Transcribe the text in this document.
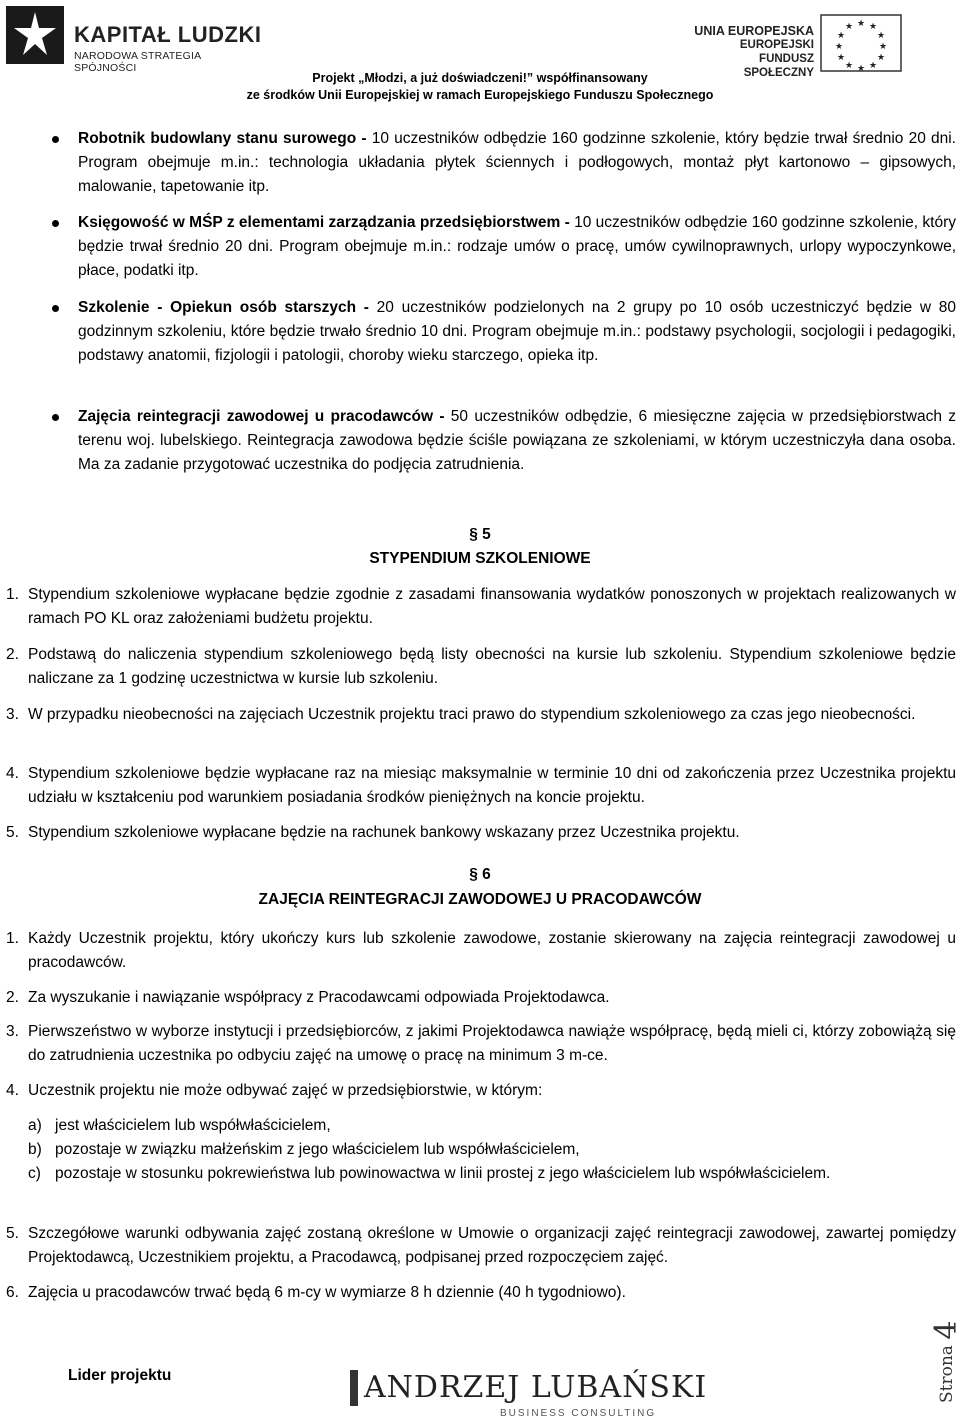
KAPITAŁ LUDZKI
NARODOWA STRATEGIA SPÓJNOŚCI
UNIA EUROPEJSKA
EUROPEJSKI
FUNDUSZ SPOŁECZNY
★ ★
★
★
★
★
★
★
★
★
★
★
Projekt „Młodzi, a już doświadczeni!” współfinansowany
ze środków Unii Europejskiej w ramach Europejskiego Funduszu Społecznego
Robotnik budowlany stanu surowego - 10 uczestników odbędzie 160 godzinne szkolenie, który będzie trwał średnio 20 dni. Program obejmuje m.in.: technologia układania płytek ściennych i podłogowych, montaż płyt kartonowo – gipsowych, malowanie, tapetowanie itp.
Księgowość w MŚP z elementami zarządzania przedsiębiorstwem - 10 uczestników odbędzie 160 godzinne szkolenie, który będzie trwał średnio 20 dni. Program obejmuje m.in.: rodzaje umów o pracę, umów cywilnoprawnych, urlopy wypoczynkowe, płace, podatki itp.
Szkolenie - Opiekun osób starszych - 20 uczestników podzielonych na 2 grupy po 10 osób uczestniczyć będzie w 80 godzinnym szkoleniu, które będzie trwało średnio 10 dni. Program obejmuje m.in.: podstawy psychologii, socjologii i pedagogiki, podstawy anatomii, fizjologii i patologii, choroby wieku starczego, opieka itp.
Zajęcia reintegracji zawodowej u pracodawców - 50 uczestników odbędzie, 6 miesięczne zajęcia w przedsiębiorstwach z terenu woj. lubelskiego. Reintegracja zawodowa będzie ściśle powiązana ze szkoleniami, w którym uczestniczyła dana osoba. Ma za zadanie przygotować uczestnika do podjęcia zatrudnienia.
§ 5
STYPENDIUM SZKOLENIOWE
1. Stypendium szkoleniowe wypłacane będzie zgodnie z zasadami finansowania wydatków ponoszonych w projektach realizowanych w ramach PO KL oraz założeniami budżetu projektu.
2. Podstawą do naliczenia stypendium szkoleniowego będą listy obecności na kursie lub szkoleniu. Stypendium szkoleniowe będzie naliczane za 1 godzinę uczestnictwa w kursie lub szkoleniu.
3. W przypadku nieobecności na zajęciach Uczestnik projektu traci prawo do stypendium szkoleniowego za czas jego nieobecności.
4. Stypendium szkoleniowe będzie wypłacane raz na miesiąc maksymalnie w terminie 10 dni od zakończenia przez Uczestnika projektu udziału w kształceniu pod warunkiem posiadania środków pieniężnych na koncie projektu.
5. Stypendium szkoleniowe wypłacane będzie na rachunek bankowy wskazany przez Uczestnika projektu.
§ 6
ZAJĘCIA REINTEGRACJI ZAWODOWEJ U PRACODAWCÓW
1. Każdy Uczestnik projektu, który ukończy kurs lub szkolenie zawodowe, zostanie skierowany na zajęcia reintegracji zawodowej u pracodawców.
2. Za wyszukanie i nawiązanie współpracy z Pracodawcami odpowiada Projektodawca.
3. Pierwszeństwo w wyborze instytucji i przedsiębiorców, z jakimi Projektodawca nawiąże współpracę, będą mieli ci, którzy zobowiążą się do zatrudnienia uczestnika po odbyciu zajęć na umowę o pracę na minimum 3 m-ce.
4. Uczestnik projektu nie może odbywać zajęć w przedsiębiorstwie, w którym:
a) jest właścicielem lub współwłaścicielem,
b) pozostaje w związku małżeńskim z jego właścicielem lub współwłaścicielem,
c) pozostaje w stosunku pokrewieństwa lub powinowactwa w linii prostej z jego właścicielem lub współwłaścicielem.
5. Szczegółowe warunki odbywania zajęć zostaną określone w Umowie o organizacji zajęć reintegracji zawodowej, zawartej pomiędzy Projektodawcą, Uczestnikiem projektu, a Pracodawcą, podpisanej przed rozpoczęciem zajęć.
6. Zajęcia u pracodawców trwać będą 6 m-cy w wymiarze 8 h dziennie (40 h tygodniowo).
Lider projektu	ANDRZEJ LUBAŃSKI
BUSINESS CONSULTING
Strona 4
